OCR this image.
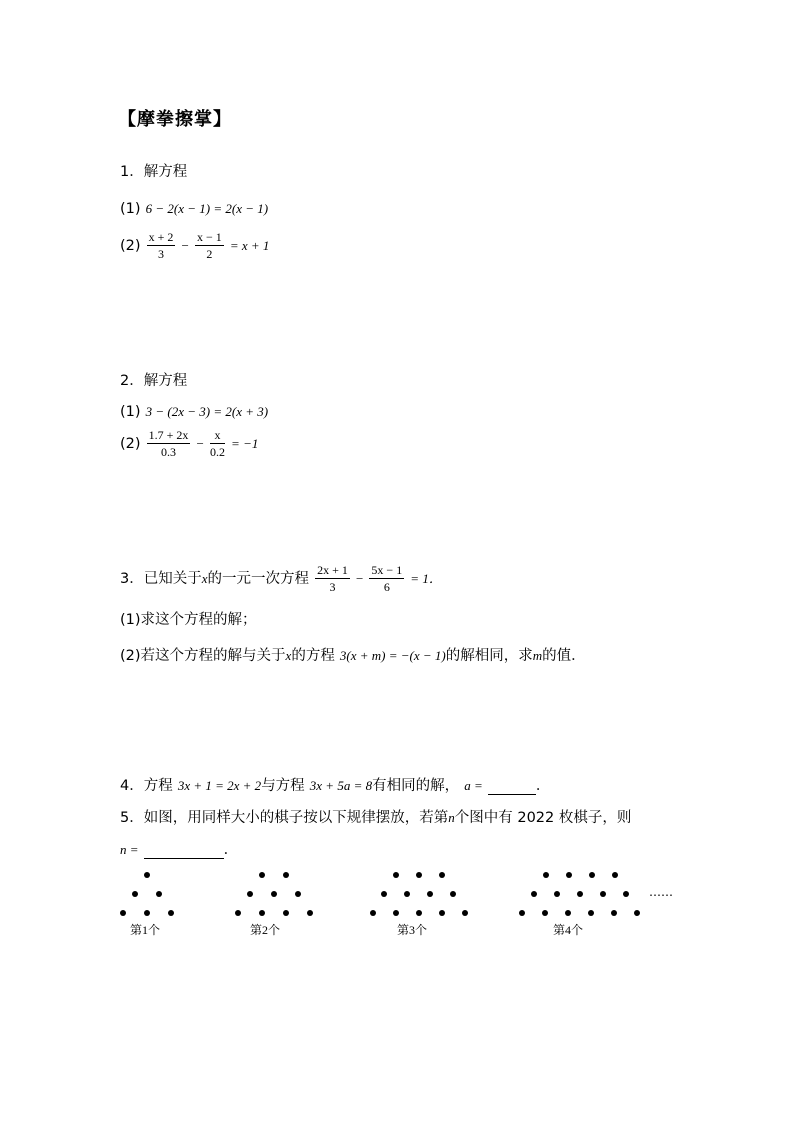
【摩拳擦掌】
1．解方程
(1) 6 − 2(x − 1) = 2(x − 1)
$(2) \frac{x + 2}{3} - \frac{x - 1}{2} = x + 1$
2．解方程
(1) 3 − (2x − 3) = 2(x + 3)
$(2) \frac{1.7 + 2x}{0.3} - \frac{x}{0.2} = -1$
3．已知关于x的一元一次方程 $\frac{2x + 1}{3} - \frac{5x - 1}{6} = 1$．
(1)求这个方程的解；
(2)若这个方程的解与关于x的方程 3(x + m) = −(x − 1)的解相同，求m的值．
4．方程 3x + 1 = 2x + 2与方程 3x + 5a = 8有相同的解， a =	．
5．如图，用同样大小的棋子按以下规律摆放，若第n个图中有 2022 枚棋子，则
n =	．
……
第1个	第2个	第3个	第4个
